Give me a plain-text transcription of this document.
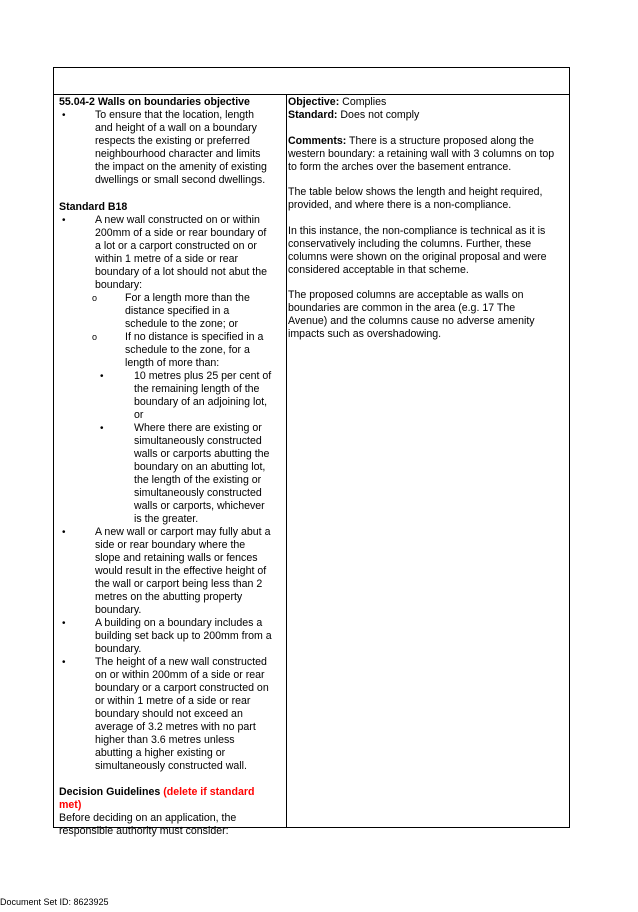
55.04-2 Walls on boundaries objective
•	To ensure that the location, length
and height of a wall on a boundary
respects the existing or preferred
neighbourhood character and limits
the impact on the amenity of existing
dwellings or small second dwellings.
Standard B18
•	A new wall constructed on or within
200mm of a side or rear boundary of
a lot or a carport constructed on or
within 1 metre of a side or rear
boundary of a lot should not abut the
boundary:
o	For a length more than the
distance specified in a
schedule to the zone; or
o	If no distance is specified in a
schedule to the zone, for a
length of more than:
•	10 metres plus 25 per cent of
the remaining length of the
boundary of an adjoining lot,
or
•	Where there are existing or
simultaneously constructed
walls or carports abutting the
boundary on an abutting lot,
the length of the existing or
simultaneously constructed
walls or carports, whichever
is the greater.
•	A new wall or carport may fully abut a
side or rear boundary where the
slope and retaining walls or fences
would result in the effective height of
the wall or carport being less than 2
metres on the abutting property
boundary.
•	A building on a boundary includes a
building set back up to 200mm from a
boundary.
•	The height of a new wall constructed
on or within 200mm of a side or rear
boundary or a carport constructed on
or within 1 metre of a side or rear
boundary should not exceed an
average of 3.2 metres with no part
higher than 3.6 metres unless
abutting a higher existing or
simultaneously constructed wall.
Decision Guidelines (delete if standard
met)
Before deciding on an application, the
responsible authority must consider:
Objective: Complies
Standard: Does not comply
Comments: There is a structure proposed along the
western boundary: a retaining wall with 3 columns on top
to form the arches over the basement entrance.
The table below shows the length and height required,
provided, and where there is a non-compliance.
In this instance, the non-compliance is technical as it is
conservatively including the columns. Further, these
columns were shown on the original proposal and were
considered acceptable in that scheme.
The proposed columns are acceptable as walls on
boundaries are common in the area (e.g. 17 The
Avenue) and the columns cause no adverse amenity
impacts such as overshadowing.
Document Set ID: 8623925
